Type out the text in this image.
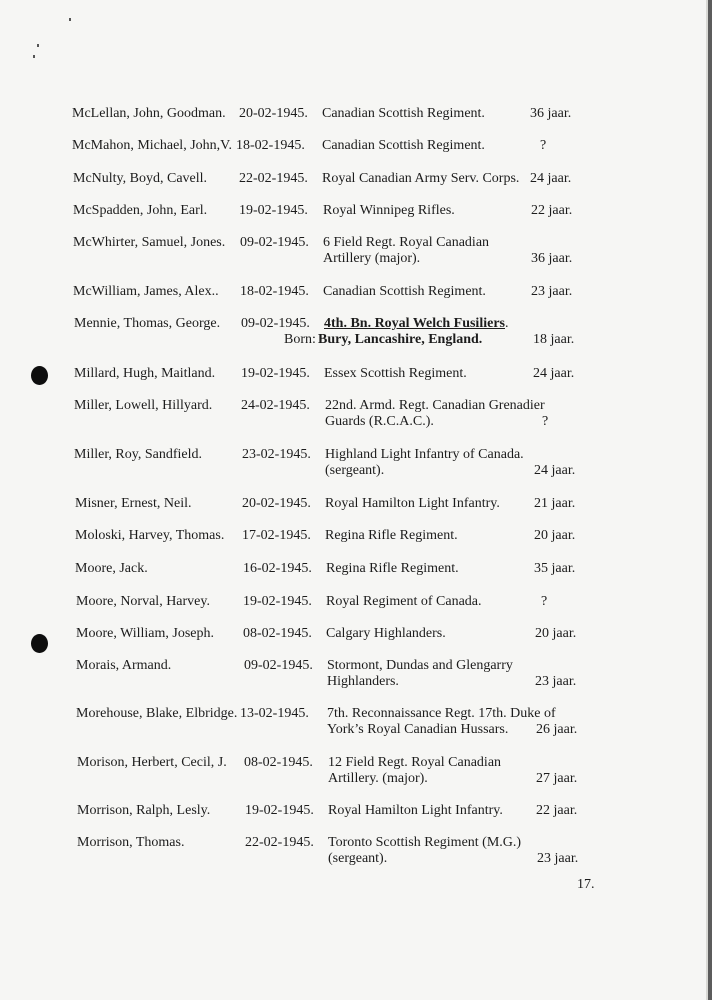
McLellan, John, Goodman. 20-02-1945. Canadian Scottish Regiment.	36 jaar.
McMahon, Michael, John,V. 18-02-1945. Canadian Scottish Regiment.	?
McNulty, Boyd, Cavell. 22-02-1945. Royal Canadian Army Serv. Corps. 24 jaar.
McSpadden, John, Earl. 19-02-1945. Royal Winnipeg Rifles.	22 jaar.
McWhirter, Samuel, Jones. 09-02-1945. 6 Field Regt. Royal Canadian
Artillery (major).	36 jaar.
McWilliam, James, Alex.. 18-02-1945. Canadian Scottish Regiment.	23 jaar.
Mennie, Thomas, George. 09-02-1945. 4th. Bn. Royal Welch Fusiliers.
Born: Bury, Lancashire, England.	18 jaar.
Millard, Hugh, Maitland. 19-02-1945. Essex Scottish Regiment.	24 jaar.
Miller, Lowell, Hillyard. 24-02-1945. 22nd. Armd. Regt. Canadian Grenadier
Guards (R.C.A.C.).	?
Miller, Roy, Sandfield.	23-02-1945. Highland Light Infantry of Canada.
(sergeant).	24 jaar.
Misner, Ernest, Neil.	20-02-1945. Royal Hamilton Light Infantry. 21 jaar.
Moloski, Harvey, Thomas. 17-02-1945. Regina Rifle Regiment.	20 jaar.
Moore, Jack.	16-02-1945. Regina Rifle Regiment.	35 jaar.
Moore, Norval, Harvey. 19-02-1945. Royal Regiment of Canada.	?
Moore, William, Joseph. 08-02-1945. Calgary Highlanders.	20 jaar.
Morais, Armand.	09-02-1945. Stormont, Dundas and Glengarry
Highlanders.	23 jaar.
Morehouse, Blake, Elbridge. 13-02-1945. 7th. Reconnaissance Regt. 17th. Duke of
York’s Royal Canadian Hussars. 26 jaar.
Morison, Herbert, Cecil, J. 08-02-1945. 12 Field Regt. Royal Canadian
Artillery. (major).	27 jaar.
Morrison, Ralph, Lesly. 19-02-1945. Royal Hamilton Light Infantry. 22 jaar.
Morrison, Thomas.	22-02-1945. Toronto Scottish Regiment (M.G.)
(sergeant).	23 jaar.
17.
